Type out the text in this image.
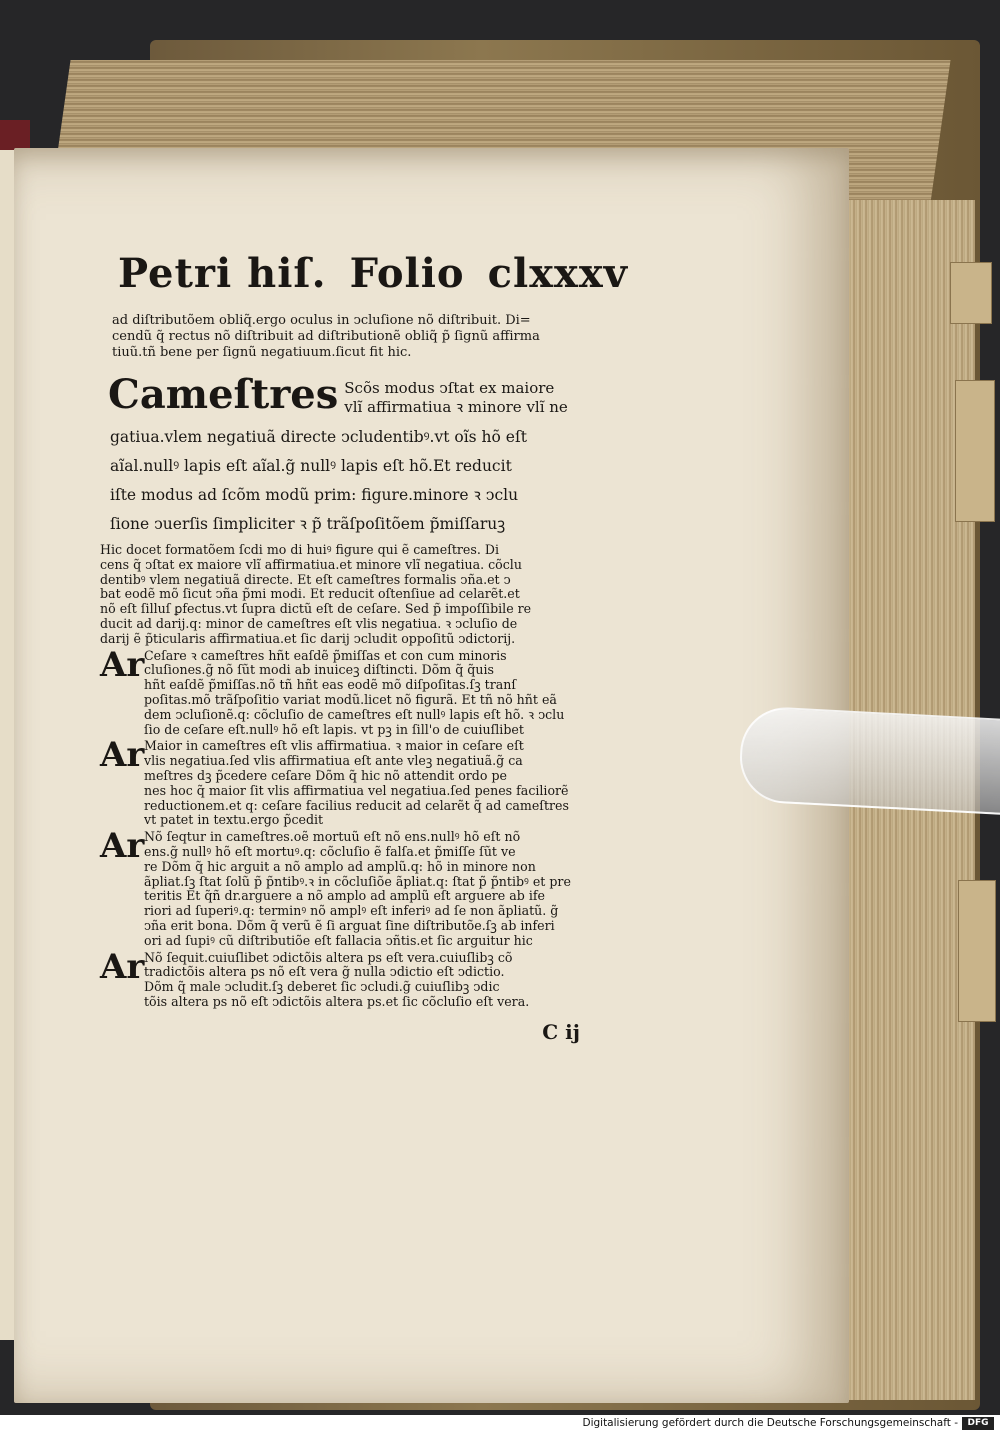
Petri hiſ. Folio clxxxv
ad diſtributõem obliq̃.ergo oculus in ↄcluſione nõ diſtribuit. Di=
cendũ q̃ rectus nõ diſtribuit ad diſtributionẽ obliq̃ p̃ ſignũ affirma
tiuũ.tñ bene per ſignũ negatiuum.ſicut fit hic.
Cameſtres Scõs modus ↄſtat ex maiore
vlĩ affirmatiua ꝛ minore vlĩ ne
gatiua.vlem negatiuã directe ↄcludentibꝰ.vt oĩs hõ eſt
aĩal.nullꝰ lapis eſt aĩal.g̃ nullꝰ lapis eſt hõ.Et reducit
iſte modus ad ſcõm modũ prim: figure.minore ꝛ ↄclu
ſione ↄuerſis ſimpliciter ꝛ p̃ trãſpoſitõem p̃miſſaruꝫ
Hic docet formatõem ſcdi mo di huiꝰ figure qui ẽ cameſtres. Di
cens q̃ ↄſtat ex maiore vlĩ affirmatiua.et minore vlĩ negatiua. cõclu
dentibꝰ vlem negatiuã directe. Et eſt cameſtres formalis ↄña.et ↄ
bat eodẽ mõ ſicut ↄña p̃mi modi. Et reducit oſtenſiue ad celarẽt.et
nõ eſt ſilluſ ꝑfectus.vt ſupra dictũ eſt de ceſare. Sed p̃ impoſſibile re
ducit ad darij.q: minor de cameſtres eſt vlis negatiua. ꝛ ↄcluſio de
darij ẽ p̃ticularis affirmatiua.et ſic darij ↄcludit oppoſitũ ↄdictorij.
Ar Ceſare ꝛ cameſtres hñt eaſdẽ p̃miſſas et con cum minoris
cluſiones.g̃ nõ ſũt modi ab inuiceꝫ diſtincti. Dõm q̃ q̃uis
hñt eaſdẽ p̃miſſas.nõ tñ hñt eas eodẽ mõ diſpoſitas.ſꝫ tranſ
poſitas.mõ trãſpoſitio variat modũ.licet nõ figurã. Et tñ nõ hñt eã
dem ↄcluſionẽ.q: cõcluſio de cameſtres eſt nullꝰ lapis eſt hõ. ꝛ ↄclu
ſio de ceſare eſt.nullꝰ hõ eſt lapis. vt pꝫ in ſill'o de cuiuſlibet
Ar Maior in cameſtres eſt vlis affirmatiua. ꝛ maior in ceſare eſt
vlis negatiua.ſed vlis affirmatiua eſt ante vleꝫ negatiuã.g̃ ca
meſtres dꝫ p̃cedere ceſare Dõm q̃ hic nõ attendit ordo pe
nes hoc q̃ maior ſit vlis affirmatiua vel negatiua.ſed penes faciliorẽ
reductionem.et q: ceſare facilius reducit ad celarẽt q̃ ad cameſtres
vt patet in textu.ergo p̃cedit
Ar Nõ ſeqtur in cameſtres.oẽ mortuũ eſt nõ ens.nullꝰ hõ eſt nõ
ens.g̃ nullꝰ hõ eſt mortuꝰ.q: cõcluſio ẽ falſa.et p̃miſſe ſũt ve
re Dõm q̃ hic arguit a nõ amplo ad amplũ.q: hõ in minore non
ãpliat.ſꝫ ſtat ſolũ p̃ p̃ntibꝰ.ꝛ in cõcluſiõe ãpliat.q: ſtat p̃ p̃ntibꝰ et pre
teritis Et q̃ñ dr.arguere a nõ amplo ad amplũ eſt arguere ab ife
riori ad ſuperiꝰ.q: terminꝰ nõ amplꝰ eſt inferiꝰ ad ſe non ãpliatũ. g̃
ↄña erit bona. Dõm q̃ verũ ẽ ſi arguat ſine diſtributõe.ſꝫ ab inferi
ori ad ſupiꝰ cũ diſtributiõe eſt fallacia ↄñtis.et ſic arguitur hic
Ar Nõ ſequit.cuiuſlibet ↄdictõis altera ps eſt vera.cuiuſlibꝫ cõ
tradictõis altera ps nõ eſt vera g̃ nulla ↄdictio eſt ↄdictio.
Dõm q̃ male ↄcludit.ſꝫ deberet ſic ↄcludi.g̃ cuiuſlibꝫ ↄdic
tõis altera ps nõ eſt ↄdictõis altera ps.et ſic cõcluſio eſt vera.
C ij
Digitalisierung gefördert durch die Deutsche Forschungsgemeinschaft -	DFG
